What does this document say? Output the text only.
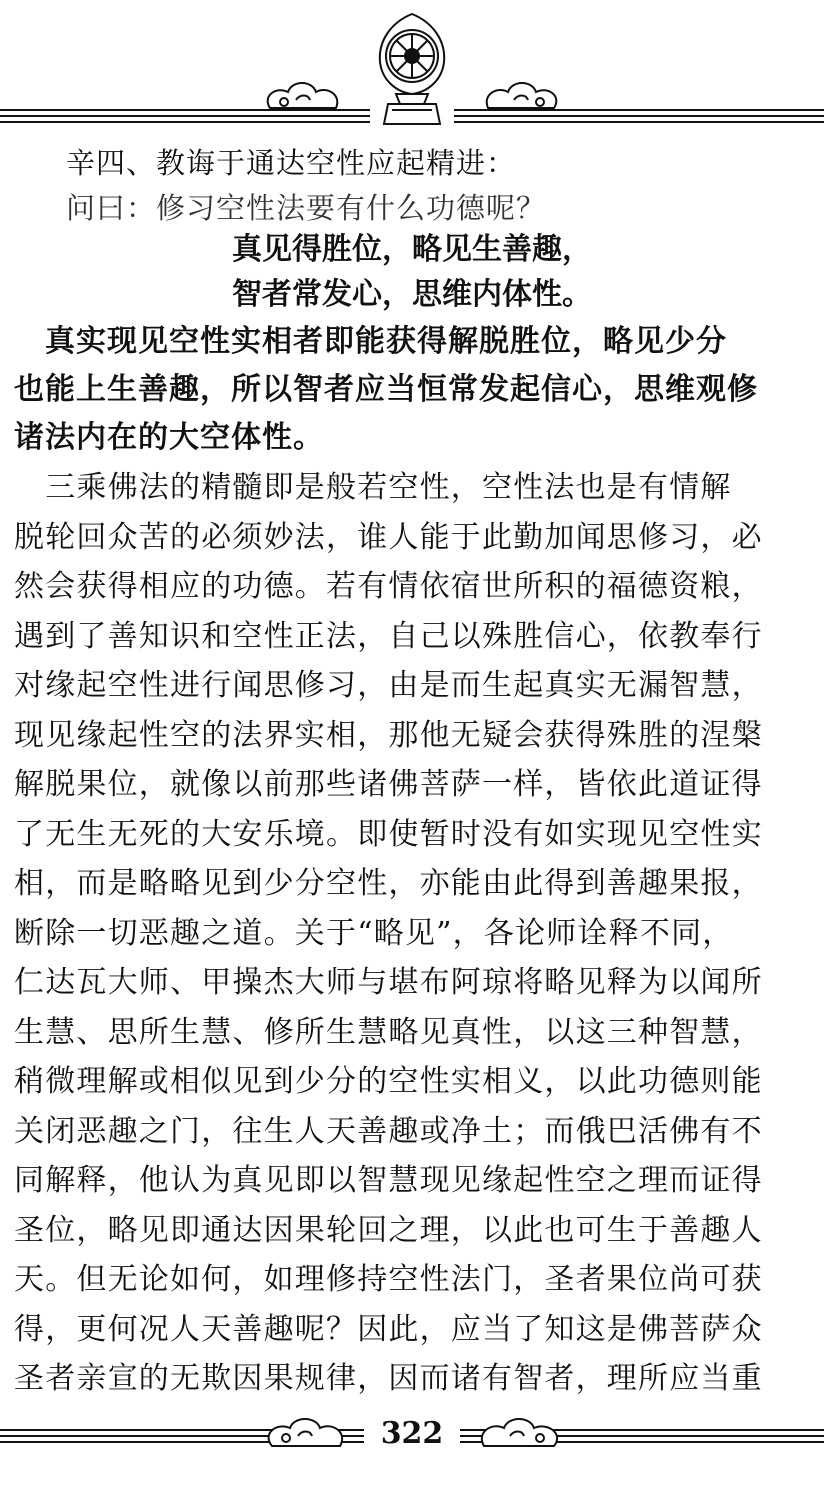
辛四、教诲于通达空性应起精进：
问曰：修习空性法要有什么功德呢？
真见得胜位，略见生善趣，
智者常发心，思维内体性。
　真实现见空性实相者即能获得解脱胜位，略见少分
也能上生善趣，所以智者应当恒常发起信心，思维观修
诸法内在的大空体性。
　三乘佛法的精髓即是般若空性，空性法也是有情解
脱轮回众苦的必须妙法，谁人能于此勤加闻思修习，必
然会获得相应的功德。若有情依宿世所积的福德资粮，
遇到了善知识和空性正法，自己以殊胜信心，依教奉行
对缘起空性进行闻思修习，由是而生起真实无漏智慧，
现见缘起性空的法界实相，那他无疑会获得殊胜的涅槃
解脱果位，就像以前那些诸佛菩萨一样，皆依此道证得
了无生无死的大安乐境。即使暂时没有如实现见空性实
相，而是略略见到少分空性，亦能由此得到善趣果报，
断除一切恶趣之道。关于“略见”，各论师诠释不同，
仁达瓦大师、甲操杰大师与堪布阿琼将略见释为以闻所
生慧、思所生慧、修所生慧略见真性，以这三种智慧，
稍微理解或相似见到少分的空性实相义，以此功德则能
关闭恶趣之门，往生人天善趣或净土；而俄巴活佛有不
同解释，他认为真见即以智慧现见缘起性空之理而证得
圣位，略见即通达因果轮回之理，以此也可生于善趣人
天。但无论如何，如理修持空性法门，圣者果位尚可获
得，更何况人天善趣呢？因此，应当了知这是佛菩萨众
圣者亲宣的无欺因果规律，因而诸有智者，理所应当重
322
